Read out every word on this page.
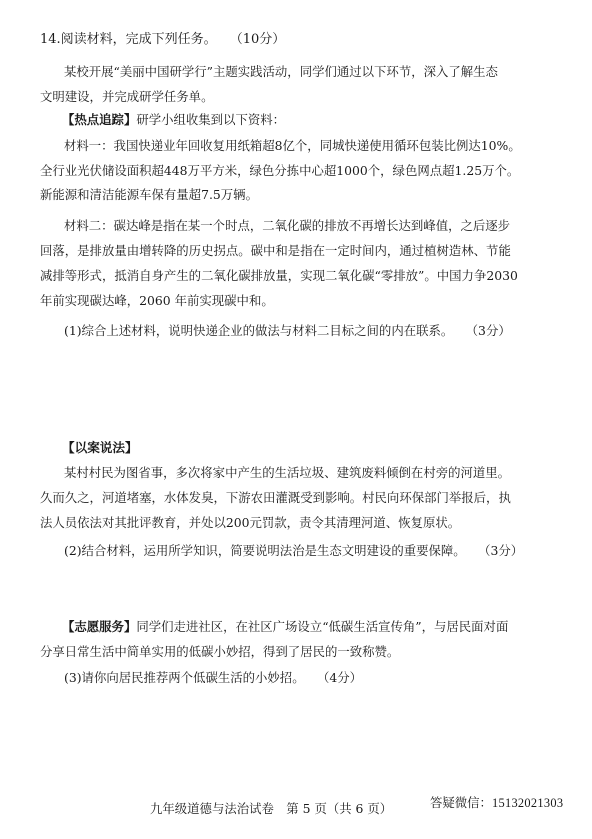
14.阅读材料，完成下列任务。  （10分）
某校开展“美丽中国研学行”主题实践活动，同学们通过以下环节，深入了解生态
文明建设，并完成研学任务单。
【热点追踪】研学小组收集到以下资料：
材料一：我国快递业年回收复用纸箱超8亿个，同城快递使用循环包装比例达10%。
全行业光伏储设面积超448万平方米，绿色分拣中心超1000个，绿色网点超1.25万个。
新能源和清洁能源车保有量超7.5万辆。
材料二：碳达峰是指在某一个时点，二氧化碳的排放不再增长达到峰值，之后逐步
回落，是排放量由增转降的历史拐点。碳中和是指在一定时间内，通过植树造林、节能
减排等形式，抵消自身产生的二氧化碳排放量，实现二氧化碳“零排放”。中国力争2030
年前实现碳达峰，2060 年前实现碳中和。
(1)综合上述材料，说明快递企业的做法与材料二目标之间的内在联系。  （3分）
【以案说法】
某村村民为图省事，多次将家中产生的生活垃圾、建筑废料倾倒在村旁的河道里。
久而久之，河道堵塞，水体发臭，下游农田灌溉受到影响。村民向环保部门举报后，执
法人员依法对其批评教育，并处以200元罚款，责令其清理河道、恢复原状。
(2)结合材料，运用所学知识，简要说明法治是生态文明建设的重要保障。  （3分）
【志愿服务】同学们走进社区，在社区广场设立“低碳生活宣传角”，与居民面对面
分享日常生活中简单实用的低碳小妙招，得到了居民的一致称赞。
(3)请你向居民推荐两个低碳生活的小妙招。  （4分）
九年级道德与法治试卷　第 5 页（共 6 页）	答疑微信：15132021303
